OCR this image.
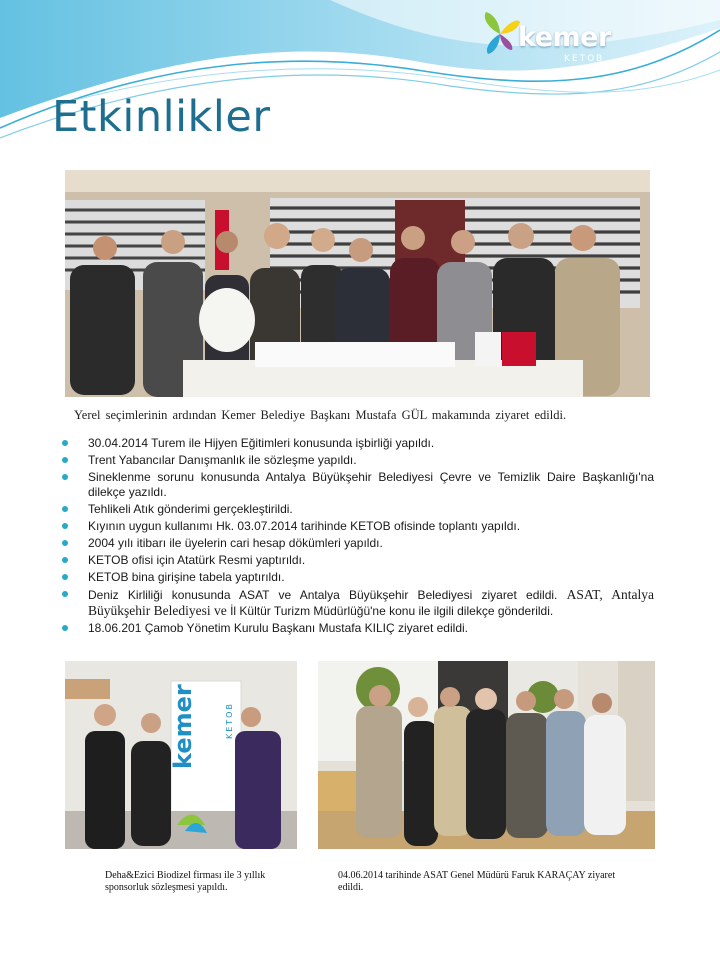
kemer
KETOB
Etkinlikler
Yerel seçimlerinin ardından Kemer Belediye Başkanı Mustafa GÜL makamında ziyaret edildi.
30.04.2014 Turem ile Hijyen Eğitimleri konusunda işbirliği yapıldı.
Trent Yabancılar Danışmanlık ile sözleşme yapıldı.
Sineklenme sorunu konusunda Antalya Büyükşehir Belediyesi Çevre ve Temizlik Daire Başkanlığı'na dilekçe yazıldı.
Tehlikeli Atık gönderimi gerçekleştirildi.
Kıyının uygun kullanımı Hk. 03.07.2014 tarihinde KETOB ofisinde toplantı yapıldı.
2004 yılı itibarı ile üyelerin cari hesap dökümleri yapıldı.
KETOB ofisi için Atatürk Resmi yaptırıldı.
KETOB bina girişine tabela yaptırıldı.
Deniz Kirliliği konusunda ASAT ve Antalya Büyükşehir Belediyesi ziyaret edildi. ASAT, Antalya Büyükşehir Belediyesi ve İl Kültür Turizm Müdürlüğü'ne konu ile ilgili dilekçe gönderildi.
18.06.201 Çamob Yönetim Kurulu Başkanı Mustafa KILIÇ ziyaret edildi.
kemer	KETOB
Deha&Ezici Biodizel firması ile 3 yıllık sponsorluk sözleşmesi yapıldı.
04.06.2014 tarihinde ASAT Genel Müdürü Faruk KARAÇAY ziyaret edildi.
